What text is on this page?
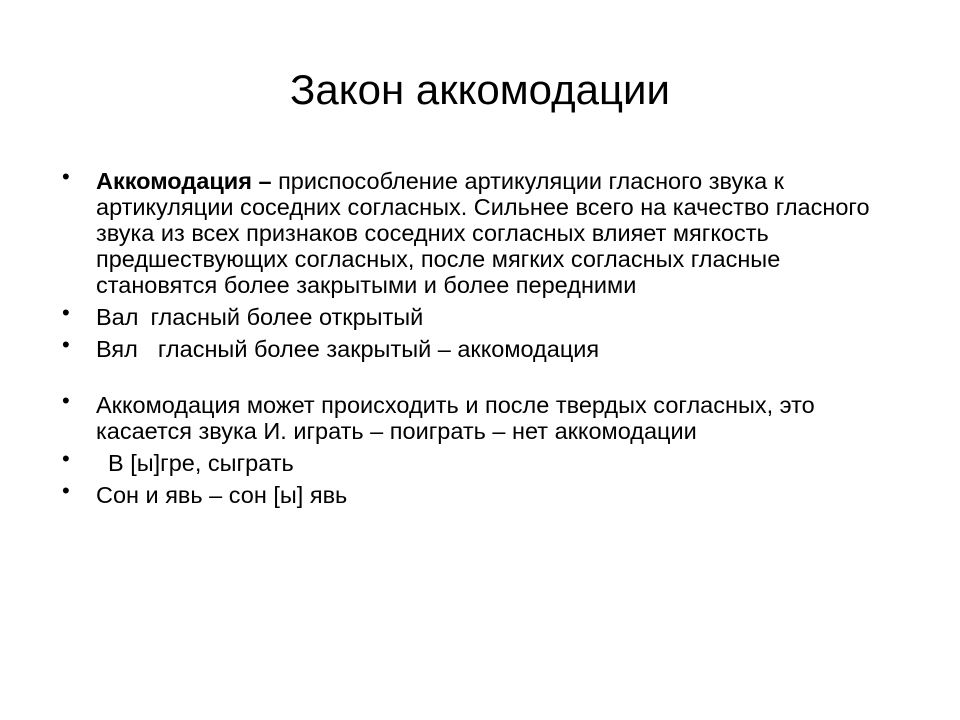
Закон аккомодации
• Аккомодация – приспособление артикуляции гласного звука к артикуляции соседних согласных. Сильнее всего на качество гласного звука из всех признаков соседних согласных влияет мягкость предшествующих согласных, после мягких согласных гласные становятся более закрытыми и более передними
• Вал гласный более открытый
• Вял гласный более закрытый – аккомодация
• Аккомодация может происходить и после твердых согласных, это касается звука И. играть – поиграть – нет аккомодации
• В [ы]гре, сыграть
• Сон и явь – сон [ы] явь
